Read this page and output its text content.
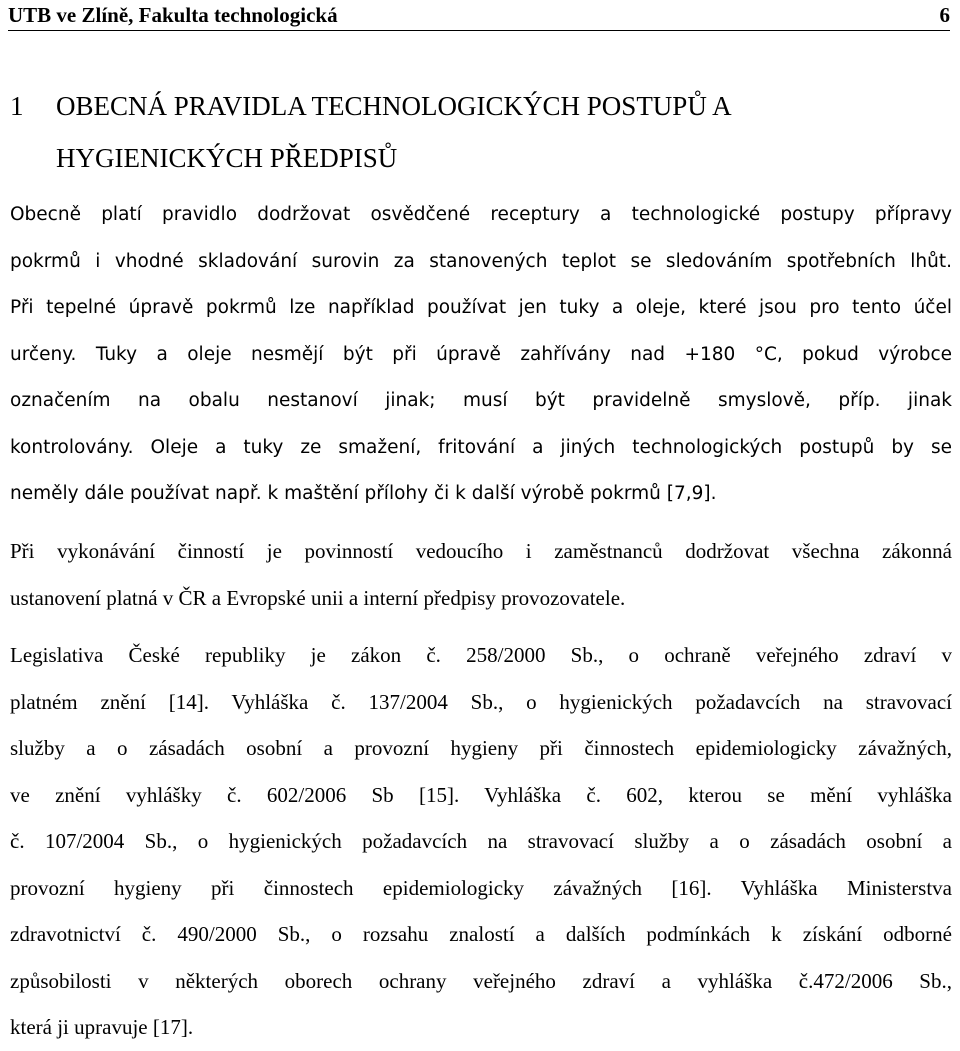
UTB ve Zlíně, Fakulta technologická	6
1	OBECNÁ PRAVIDLA TECHNOLOGICKÝCH POSTUPŮ A
HYGIENICKÝCH PŘEDPISŮ
Obecně platí pravidlo dodržovat osvědčené receptury a technologické postupy přípravy
pokrmů i vhodné skladování surovin za stanovených teplot se sledováním spotřebních lhůt.
Při tepelné úpravě pokrmů lze například používat jen tuky a oleje, které jsou pro tento účel
určeny. Tuky a oleje nesmějí být při úpravě zahřívány nad +180 °C, pokud výrobce
označením na obalu nestanoví jinak; musí být pravidelně smyslově, příp. jinak
kontrolovány. Oleje a tuky ze smažení, fritování a jiných technologických postupů by se
neměly dále používat např. k maštění přílohy či k další výrobě pokrmů [7,9].
Při vykonávání činností je povinností vedoucího i zaměstnanců dodržovat všechna zákonná
ustanovení platná v ČR a Evropské unii a interní předpisy provozovatele.
Legislativa České republiky je zákon č. 258/2000 Sb., o ochraně veřejného zdraví v
platném znění [14]. Vyhláška č. 137/2004 Sb., o hygienických požadavcích na stravovací
služby a o zásadách osobní a provozní hygieny při činnostech epidemiologicky závažných,
ve znění vyhlášky č. 602/2006 Sb [15]. Vyhláška č. 602, kterou se mění vyhláška
č. 107/2004 Sb., o hygienických požadavcích na stravovací služby a o zásadách osobní a
provozní hygieny při činnostech epidemiologicky závažných [16]. Vyhláška Ministerstva
zdravotnictví č. 490/2000 Sb., o rozsahu znalostí a dalších podmínkách k získání odborné
způsobilosti v některých oborech ochrany veřejného zdraví a vyhláška č.472/2006 Sb.,
která ji upravuje [17].
